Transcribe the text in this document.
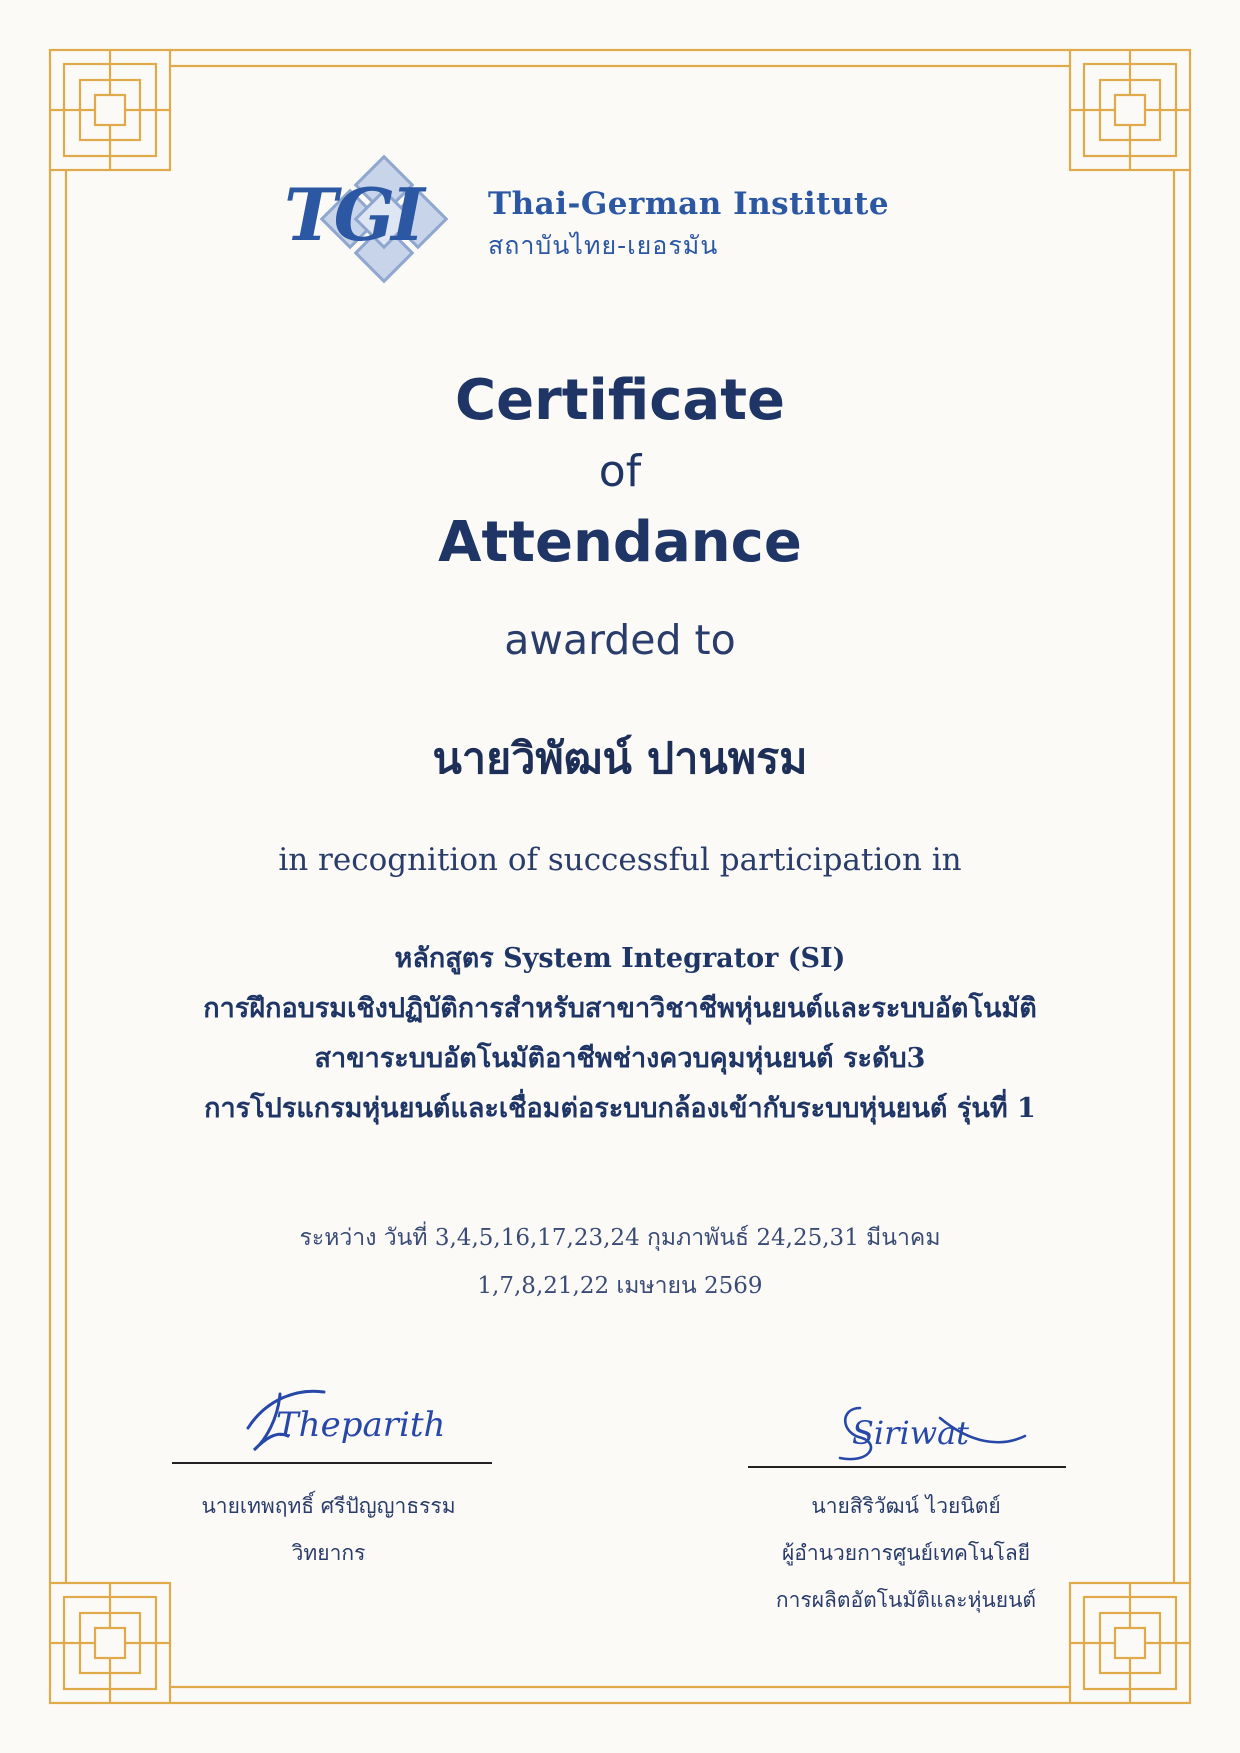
TGI Thai-German Institute
สถาบันไทย-เยอรมัน
Certificate
of
Attendance
awarded to
นายวิพัฒน์ ปานพรม
in recognition of successful participation in
หลักสูตร System Integrator (SI)
การฝึกอบรมเชิงปฏิบัติการสำหรับสาขาวิชาชีพหุ่นยนต์และระบบอัตโนมัติ
สาขาระบบอัตโนมัติอาชีพช่างควบคุมหุ่นยนต์ ระดับ3
การโปรแกรมหุ่นยนต์และเชื่อมต่อระบบกล้องเข้ากับระบบหุ่นยนต์ รุ่นที่ 1
ระหว่าง วันที่ 3,4,5,16,17,23,24 กุมภาพันธ์ 24,25,31 มีนาคม
1,7,8,21,22 เมษายน 2569
Theparith
นายเทพฤทธิ์ ศรีปัญญาธรรม
วิทยากร
Siriwat
นายสิริวัฒน์ ไวยนิตย์
ผู้อำนวยการศูนย์เทคโนโลยี
การผลิตอัตโนมัติและหุ่นยนต์
